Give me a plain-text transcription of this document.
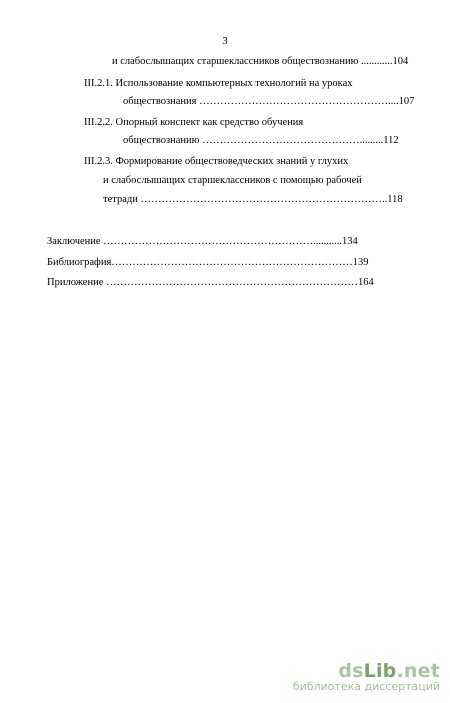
3
и слабослышащих старшеклассников обществознанию ............104
III.2.1. Использование компьютерных технологий на уроках
обществознания ………………………………………………....107
III.2.2. Опорный конспект как средство обучения
обществознанию ……………………………………….........112
III.2.3. Формирование обществоведческих знаний у глухих
и слабослышащих старшеклассников с помощью рабочей
тетради ……………………………………………………………..118
Заключение ……………………………………………………...........134
Библиография……………………………………………………………139
Приложение ………………………………………………………………164
dsLib.net
библиотека диссертаций
